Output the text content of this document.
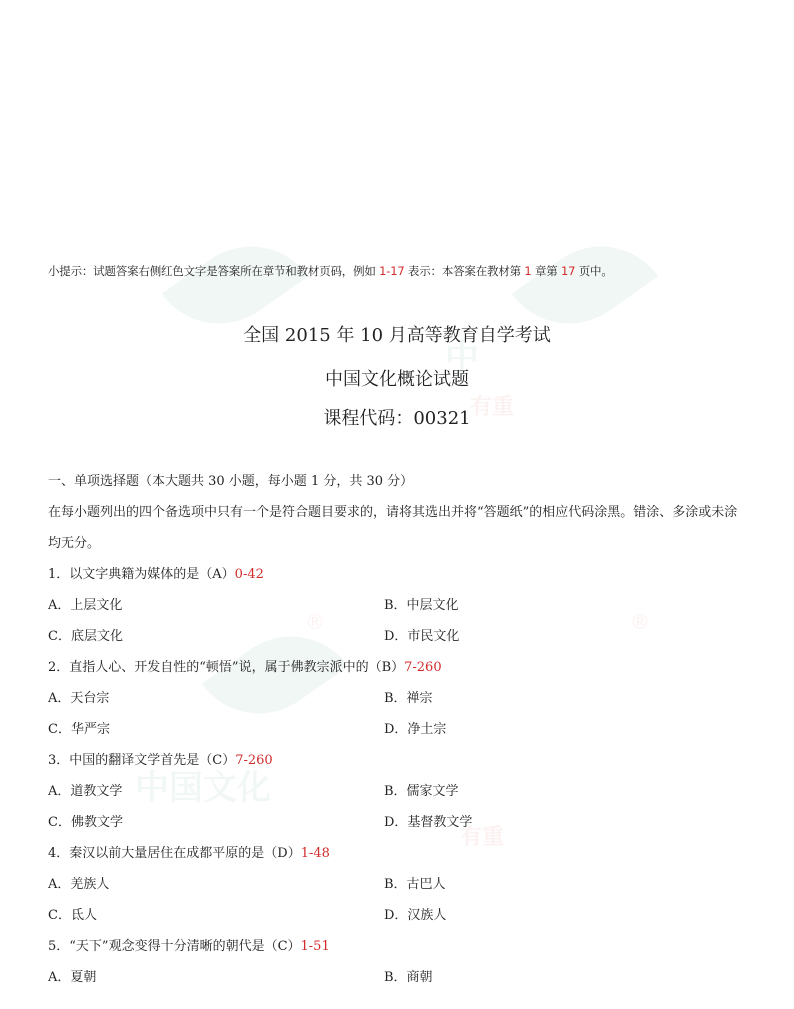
中
有重
®	®
中国文化
有重
小提示：试题答案右侧红色文字是答案所在章节和教材页码，例如 1-17 表示：本答案在教材第 1 章第 17 页中。
全国 2015 年 10 月高等教育自学考试
中国文化概论试题
课程代码：00321
一、单项选择题（本大题共 30 小题，每小题 1 分，共 30 分）
在每小题列出的四个备选项中只有一个是符合题目要求的，请将其选出并将“答题纸”的相应代码涂黑。错涂、多涂或未涂均无分。
1．以文字典籍为媒体的是（A）0-42
A．上层文化	B．中层文化
C．底层文化	D．市民文化
2．直指人心、开发自性的“顿悟”说，属于佛教宗派中的（B）7-260
A．天台宗	B．禅宗
C．华严宗	D．净土宗
3．中国的翻译文学首先是（C）7-260
A．道教文学	B．儒家文学
C．佛教文学	D．基督教文学
4．秦汉以前大量居住在成都平原的是（D）1-48
A．羌族人	B．古巴人
C．氐人	D．汉族人
5．“天下”观念变得十分清晰的朝代是（C）1-51
A．夏朝	B．商朝
